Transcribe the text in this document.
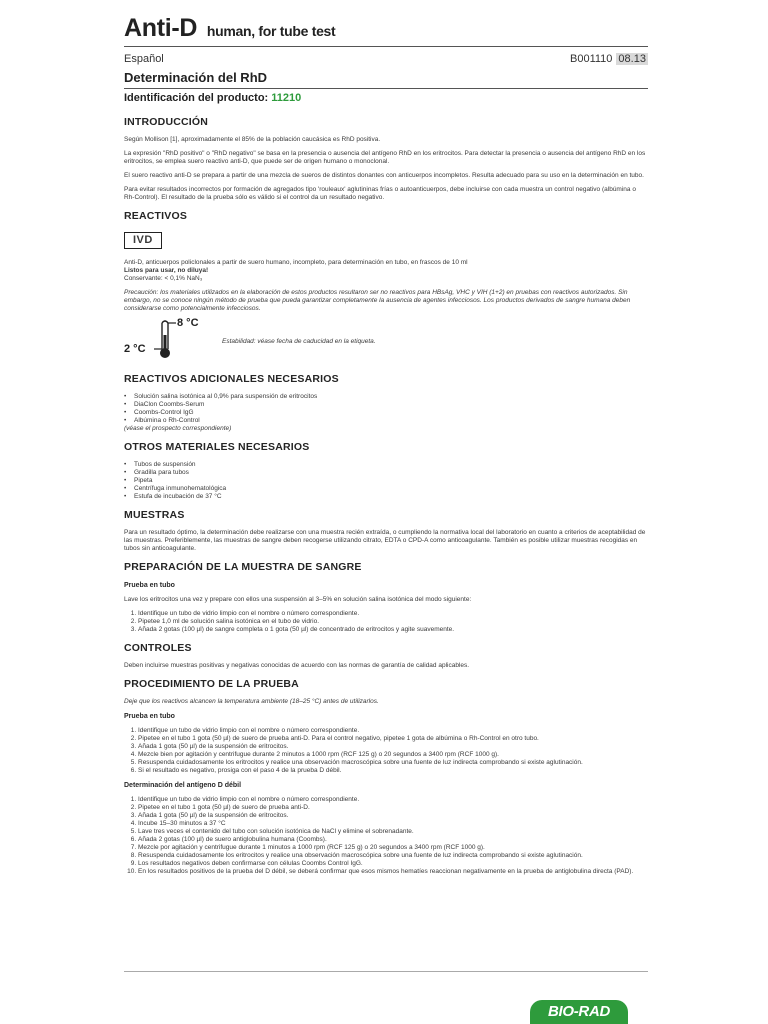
Anti-D human, for tube test
Español	B001110 08.13
Determinación del RhD
Identificación del producto: 11210
INTRODUCCIÓN

Según Mollison [1], aproximadamente el 85% de la población caucásica es RhD positiva.

La expresión "RhD positivo" o "RhD negativo" se basa en la presencia o ausencia del antígeno RhD en los eritrocitos. Para detectar la presencia o ausencia del antígeno RhD en los eritrocitos, se emplea suero reactivo anti-D, que puede ser de origen humano o monoclonal.

El suero reactivo anti-D se prepara a partir de una mezcla de sueros de distintos donantes con anticuerpos incompletos. Resulta adecuado para su uso en la determinación en tubo.

Para evitar resultados incorrectos por formación de agregados tipo 'rouleaux' aglutininas frías o autoanticuerpos, debe incluirse con cada muestra un control negativo (albúmina o Rh-Control). El resultado de la prueba sólo es válido si el control da un resultado negativo.

REACTIVOS
IVD
Anti-D, anticuerpos policlonales a partir de suero humano, incompleto, para determinación en tubo, en frascos de 10 ml
Listos para usar, no diluya!
Conservante: < 0,1% NaN₃

Precaución: los materiales utilizados en la elaboración de estos productos resultaron ser no reactivos para HBsAg, VHC y VIH (1+2) en pruebas con reactivos autorizados. Sin embargo, no se conoce ningún método de prueba que pueda garantizar completamente la ausencia de agentes infecciosos. Los productos derivados de sangre humana deben considerarse como potencialmente infecciosos.

8 °C
2 °C
Estabilidad: véase fecha de caducidad en la etiqueta.
REACTIVOS ADICIONALES NECESARIOS
• Solución salina isotónica al 0,9% para suspensión de eritrocitos
• DiaClon Coombs-Serum
• Coombs-Control IgG
• Albúmina o Rh-Control

(véase el prospecto correspondiente)

OTROS MATERIALES NECESARIOS
• Tubos de suspensión
• Gradilla para tubos
• Pipeta
• Centrífuga inmunohematológica
• Estufa de incubación de 37 °C
MUESTRAS

Para un resultado óptimo, la determinación debe realizarse con una muestra recién extraída, o cumpliendo la normativa local del laboratorio en cuanto a criterios de aceptabilidad de las muestras. Preferiblemente, las muestras de sangre deben recogerse utilizando citrato, EDTA o CPD-A como anticoagulante. También es posible utilizar muestras recogidas en tubos sin anticoagulante.

PREPARACIÓN DE LA MUESTRA DE SANGRE
Prueba en tubo

Lave los eritrocitos una vez y prepare con ellos una suspensión al 3–5% en solución salina isotónica del modo siguiente:

1. Identifique un tubo de vidrio limpio con el nombre o número correspondiente.
2. Pipetee 1,0 ml de solución salina isotónica en el tubo de vidrio.
3. Añada 2 gotas (100 µl) de sangre completa o 1 gota (50 µl) de concentrado de eritrocitos y agite suavemente.
CONTROLES

Deben incluirse muestras positivas y negativas conocidas de acuerdo con las normas de garantía de calidad aplicables.

PROCEDIMIENTO DE LA PRUEBA

Deje que los reactivos alcancen la temperatura ambiente (18–25 °C) antes de utilizarlos.

Prueba en tubo
1. Identifique un tubo de vidrio limpio con el nombre o número correspondiente.
2. Pipetee en el tubo 1 gota (50 µl) de suero de prueba anti-D. Para el control negativo, pipetee 1 gota de albúmina o Rh-Control en otro tubo.
3. Añada 1 gota (50 µl) de la suspensión de eritrocitos.
4. Mezcle bien por agitación y centrifugue durante 2 minutos a 1000 rpm (RCF 125 g) o 20 segundos a 3400 rpm (RCF 1000 g).
5. Resuspenda cuidadosamente los eritrocitos y realice una observación macroscópica sobre una fuente de luz indirecta comprobando si existe aglutinación.
6. Si el resultado es negativo, prosiga con el paso 4 de la prueba D débil.
Determinación del antígeno D débil
1. Identifique un tubo de vidrio limpio con el nombre o número correspondiente.
2. Pipetee en el tubo 1 gota (50 µl) de suero de prueba anti-D.
3. Añada 1 gota (50 µl) de la suspensión de eritrocitos.
4. Incube 15–30 minutos a 37 °C
5. Lave tres veces el contenido del tubo con solución isotónica de NaCl y elimine el sobrenadante.
6. Añada 2 gotas (100 µl) de suero antiglobulina humana (Coombs).
7. Mezcle por agitación y centrifugue durante 1 minutos a 1000 rpm (RCF 125 g) o 20 segundos a 3400 rpm (RCF 1000 g).
8. Resuspenda cuidadosamente los eritrocitos y realice una observación macroscópica sobre una fuente de luz indirecta comprobando si existe aglutinación.
9. Los resultados negativos deben confirmarse con células Coombs Control IgG.
10. En los resultados positivos de la prueba del D débil, se deberá confirmar que esos mismos hematíes reaccionan negativamente en la prueba de antiglobulina directa (PAD).
BIO-RAD
